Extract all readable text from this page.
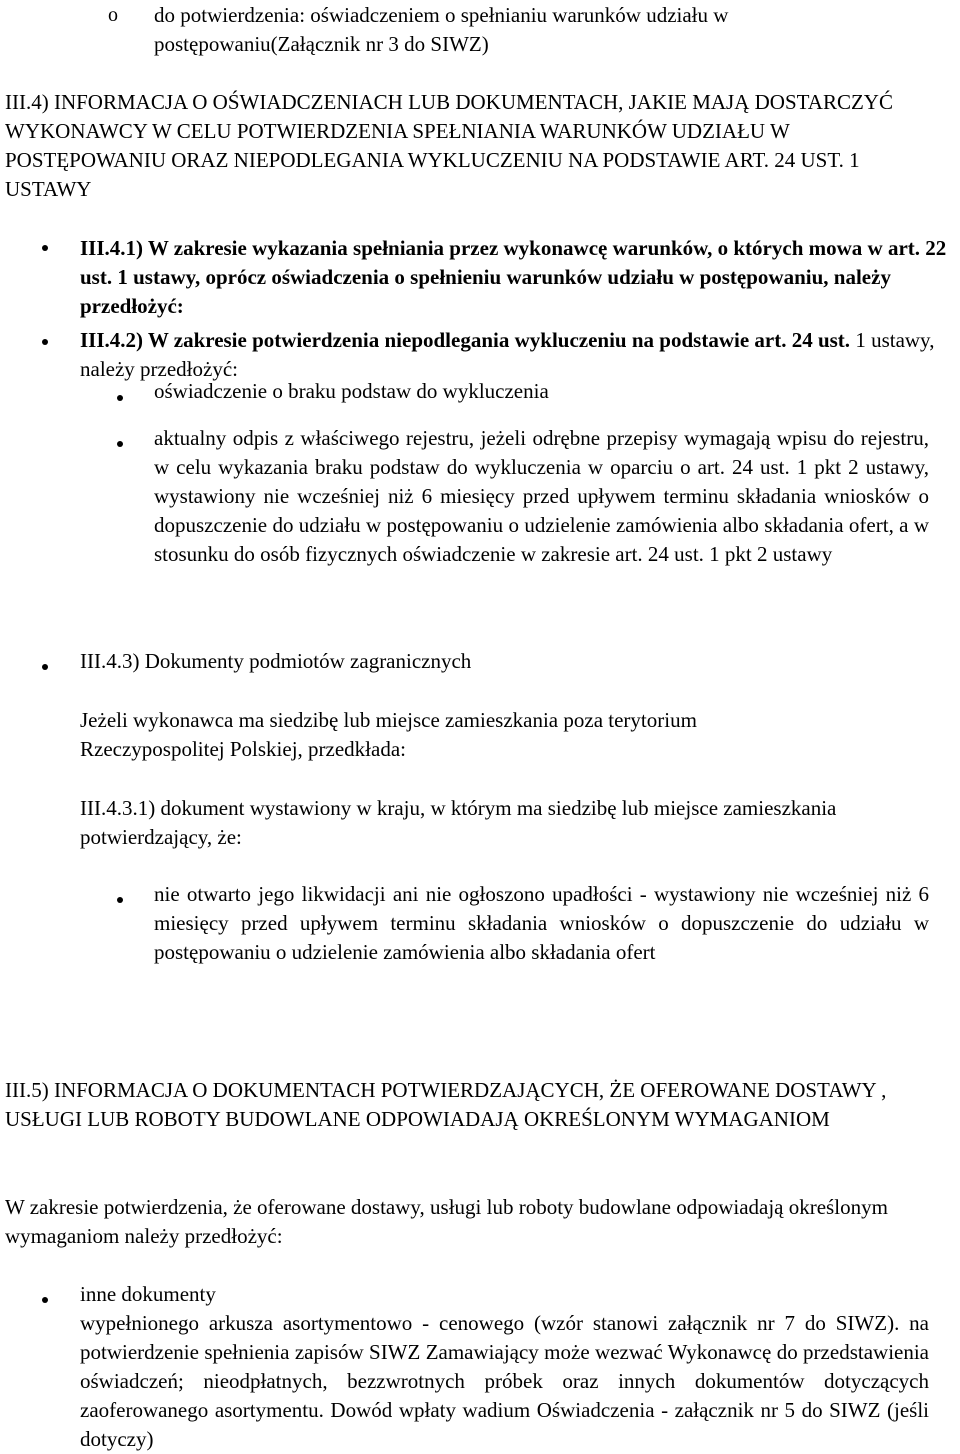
o	do potwierdzenia: oświadczeniem o spełnianiu warunków udziału w postępowaniu(Załącznik nr 3 do SIWZ)
III.4) INFORMACJA O OŚWIADCZENIACH LUB DOKUMENTACH, JAKIE MAJĄ DOSTARCZYĆ WYKONAWCY W CELU POTWIERDZENIA SPEŁNIANIA WARUNKÓW UDZIAŁU W POSTĘPOWANIU ORAZ NIEPODLEGANIA WYKLUCZENIU NA PODSTAWIE ART. 24 UST. 1 USTAWY
III.4.1) W zakresie wykazania spełniania przez wykonawcę warunków, o których mowa w art. 22 ust. 1 ustawy, oprócz oświadczenia o spełnieniu warunków udziału w postępowaniu, należy przedłożyć:
III.4.2) W zakresie potwierdzenia niepodlegania wykluczeniu na podstawie art. 24 ust. 1 ustawy, należy przedłożyć:
oświadczenie o braku podstaw do wykluczenia
aktualny odpis z właściwego rejestru, jeżeli odrębne przepisy wymagają wpisu do rejestru, w celu wykazania braku podstaw do wykluczenia w oparciu o art. 24 ust. 1 pkt 2 ustawy, wystawiony nie wcześniej niż 6 miesięcy przed upływem terminu składania wniosków o dopuszczenie do udziału w postępowaniu o udzielenie zamówienia albo składania ofert, a w stosunku do osób fizycznych oświadczenie w zakresie art. 24 ust. 1 pkt 2 ustawy
III.4.3) Dokumenty podmiotów zagranicznych
Jeżeli wykonawca ma siedzibę lub miejsce zamieszkania poza terytorium Rzeczypospolitej Polskiej, przedkłada:
III.4.3.1) dokument wystawiony w kraju, w którym ma siedzibę lub miejsce zamieszkania potwierdzający, że:
nie otwarto jego likwidacji ani nie ogłoszono upadłości - wystawiony nie wcześniej niż 6 miesięcy przed upływem terminu składania wniosków o dopuszczenie do udziału w postępowaniu o udzielenie zamówienia albo składania ofert
III.5) INFORMACJA O DOKUMENTACH POTWIERDZAJĄCYCH, ŻE OFEROWANE DOSTAWY , USŁUGI LUB ROBOTY BUDOWLANE ODPOWIADAJĄ OKREŚLONYM WYMAGANIOM
W zakresie potwierdzenia, że oferowane dostawy, usługi lub roboty budowlane odpowiadają określonym wymaganiom należy przedłożyć:
inne dokumenty
wypełnionego arkusza asortymentowo - cenowego (wzór stanowi załącznik nr 7 do SIWZ). na potwierdzenie spełnienia zapisów SIWZ Zamawiający może wezwać Wykonawcę do przedstawienia oświadczeń; nieodpłatnych, bezzwrotnych próbek oraz innych dokumentów dotyczących zaoferowanego asortymentu. Dowód wpłaty wadium Oświadczenia - załącznik nr 5 do SIWZ (jeśli dotyczy)
